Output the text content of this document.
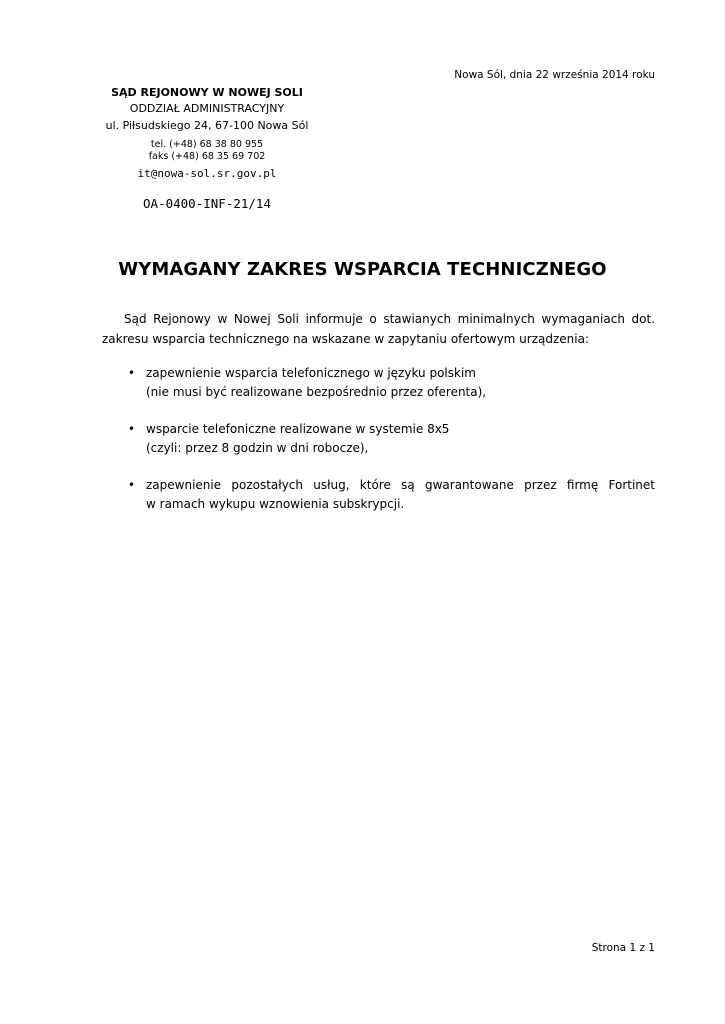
Nowa Sól, dnia 22 września 2014 roku
SĄD REJONOWY W NOWEJ SOLI
ODDZIAŁ ADMINISTRACYJNY
ul. Piłsudskiego 24, 67-100 Nowa Sól
tel. (+48) 68 38 80 955
faks (+48) 68 35 69 702
it@nowa-sol.sr.gov.pl
OA-0400-INF-21/14
WYMAGANY ZAKRES WSPARCIA TECHNICZNEGO
Sąd Rejonowy w Nowej Soli informuje o stawianych minimalnych wymaganiach dot. zakresu wsparcia technicznego na wskazane w zapytaniu ofertowym urządzenia:
• zapewnienie wsparcia telefonicznego w języku polskim
(nie musi być realizowane bezpośrednio przez oferenta),
• wsparcie telefoniczne realizowane w systemie 8x5
(czyli: przez 8 godzin w dni robocze),
• zapewnienie pozostałych usług, które są gwarantowane przez firmę Fortinet
w ramach wykupu wznowienia subskrypcji.
Strona 1 z 1
